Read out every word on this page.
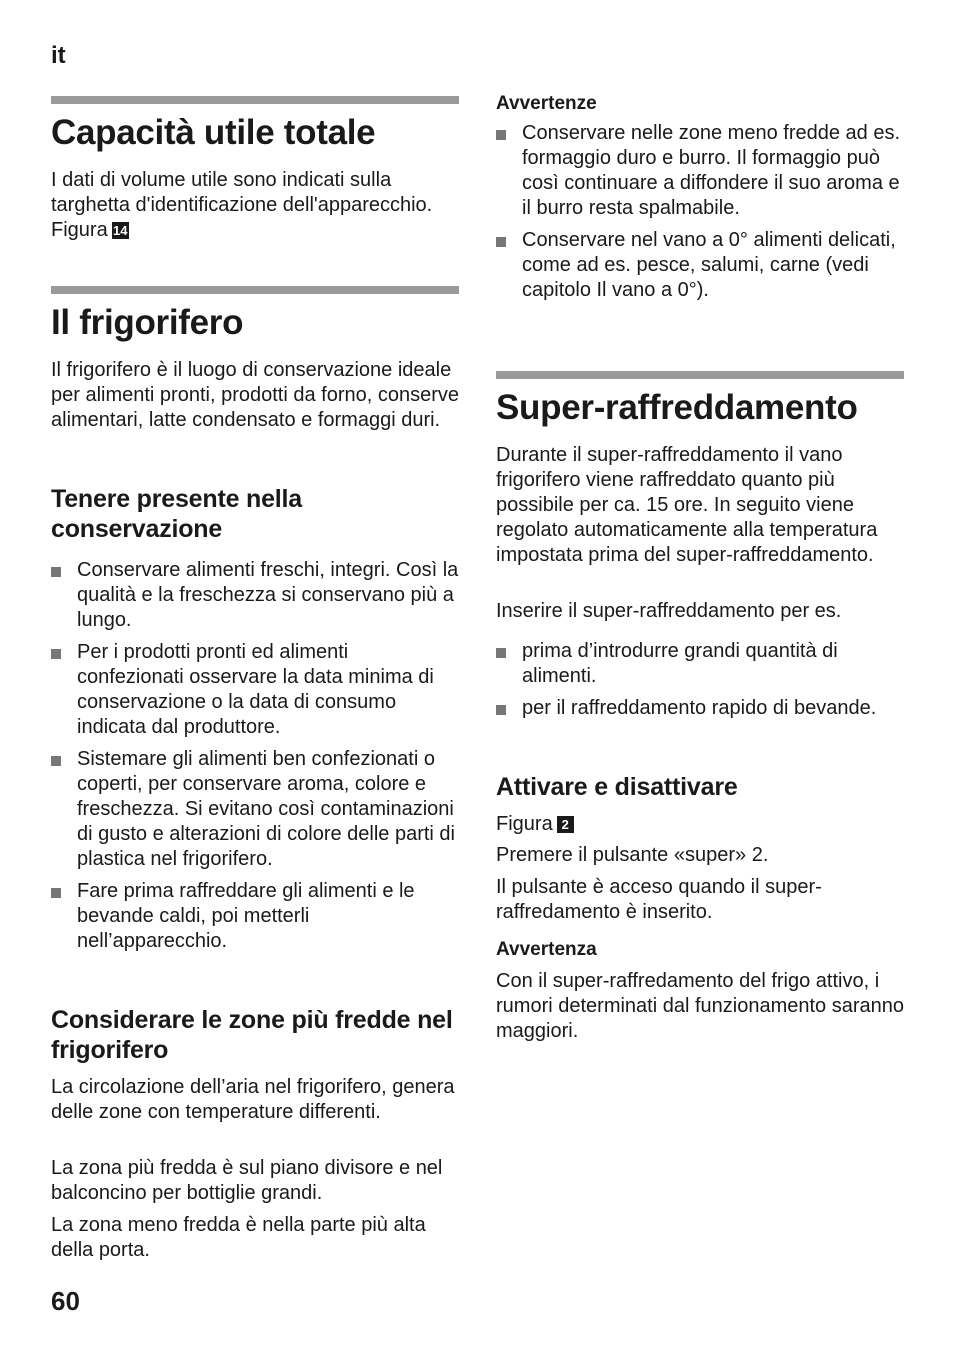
it
Capacità utile totale

I dati di volume utile sono indicati sulla targhetta d'identificazione dell'apparecchio. Figura 14

Il frigorifero

Il frigorifero è il luogo di conservazione ideale per alimenti pronti, prodotti da forno, conserve alimentari, latte condensato e formaggi duri.

Tenere presente nella conservazione
Conservare alimenti freschi, integri. Così la qualità e la freschezza si conservano più a lungo.
Per i prodotti pronti ed alimenti confezionati osservare la data minima di conservazione o la data di consumo indicata dal produttore.
Sistemare gli alimenti ben confezionati o coperti, per conservare aroma, colore e freschezza. Si evitano così contaminazioni di gusto e alterazioni di colore delle parti di plastica nel frigorifero.
Fare prima raffreddare gli alimenti e le bevande caldi, poi metterli nell’apparecchio.
Considerare le zone più fredde nel frigorifero

La circolazione dell’aria nel frigorifero, genera delle zone con temperature differenti.

La zona più fredda è sul piano divisore e nel balconcino per bottiglie grandi.

La zona meno fredda è nella parte più alta della porta.

Avvertenze
Conservare nelle zone meno fredde ad es. formaggio duro e burro. Il formaggio può così continuare a diffondere il suo aroma e il burro resta spalmabile.
Conservare nel vano a 0° alimenti delicati, come ad es. pesce, salumi, carne (vedi capitolo Il vano a 0°).
Super-raffreddamento

Durante il super-raffreddamento il vano frigorifero viene raffreddato quanto più possibile per ca. 15 ore. In seguito viene regolato automaticamente alla temperatura impostata prima del super-raffreddamento.

Inserire il super-raffreddamento per es.

prima d’introdurre grandi quantità di alimenti.
per il raffreddamento rapido di bevande.
Attivare e disattivare

Figura 2

Premere il pulsante «super» 2.

Il pulsante è acceso quando il super-raffredamento è inserito.

Avvertenza

Con il super-raffredamento del frigo attivo, i rumori determinati dal funzionamento saranno maggiori.

60
